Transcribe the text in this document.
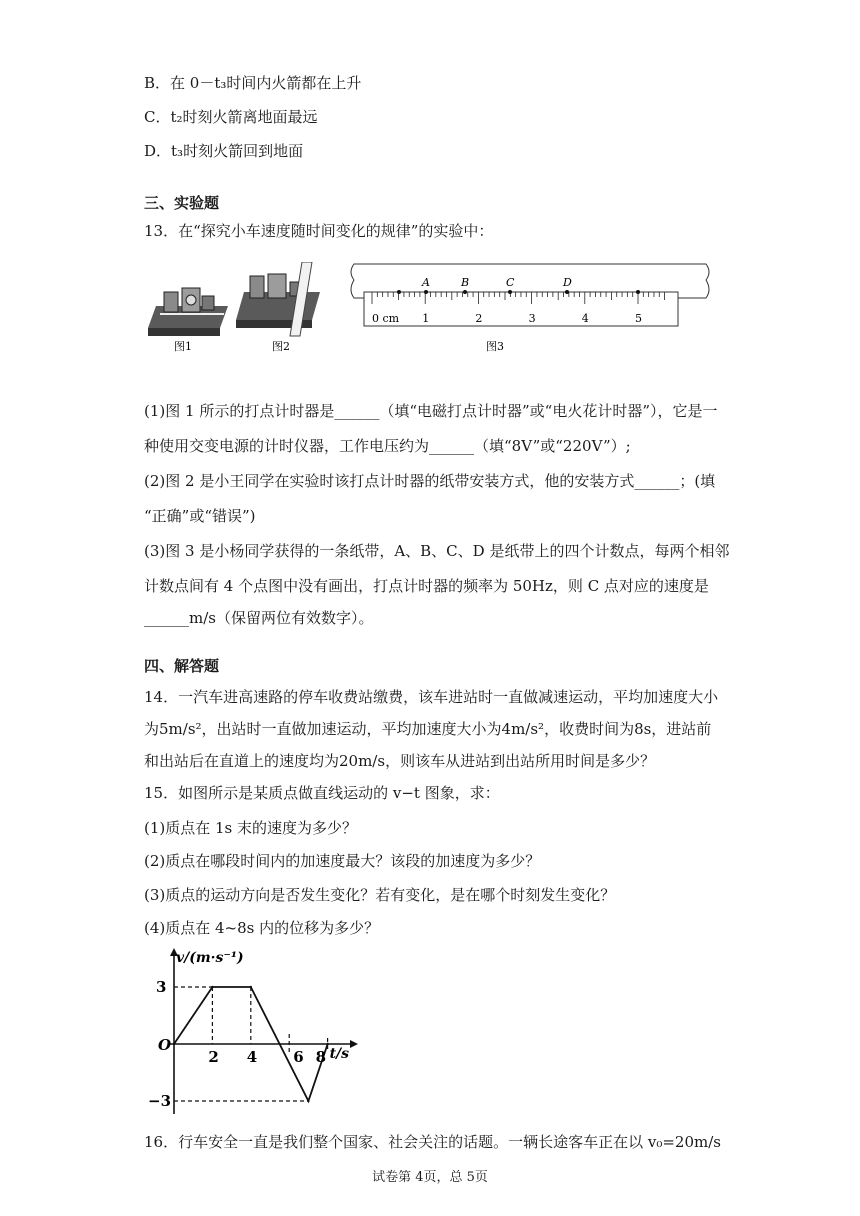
B．在 0－t₃时间内火箭都在上升
C．t₂时刻火箭离地面最远
D．t₃时刻火箭回到地面
三、实验题
13．在“探究小车速度随时间变化的规律”的实验中：
0 cm 1	2	3	4	5
A	B	C	D
图1	图2	图3
(1)图 1 所示的打点计时器是______（填“电磁打点计时器”或“电火花计时器”），它是一
种使用交变电源的计时仪器，工作电压约为______（填“8V”或“220V”）;
(2)图 2 是小王同学在实验时该打点计时器的纸带安装方式，他的安装方式______；(填
“正确”或“错误”)
(3)图 3 是小杨同学获得的一条纸带，A、B、C、D 是纸带上的四个计数点，每两个相邻
计数点间有 4 个点图中没有画出，打点计时器的频率为 50Hz，则 C 点对应的速度是
______m/s（保留两位有效数字）。
四、解答题
14．一汽车进高速路的停车收费站缴费，该车进站时一直做减速运动，平均加速度大小
为5m/s²，出站时一直做加速运动，平均加速度大小为4m/s²，收费时间为8s，进站前
和出站后在直道上的速度均为20m/s，则该车从进站到出站所用时间是多少？
15．如图所示是某质点做直线运动的 v−t 图象，求：
(1)质点在 1s 末的速度为多少？
(2)质点在哪段时间内的加速度最大？该段的加速度为多少？
(3)质点的运动方向是否发生变化？若有变化，是在哪个时刻发生变化？
(4)质点在 4~8s 内的位移为多少？
v/(m·s⁻¹)
t/s
O
2 4 6 8
3
−3
16．行车安全一直是我们整个国家、社会关注的话题。一辆长途客车正在以 v₀=20m/s
试卷第 4页，总 5页
